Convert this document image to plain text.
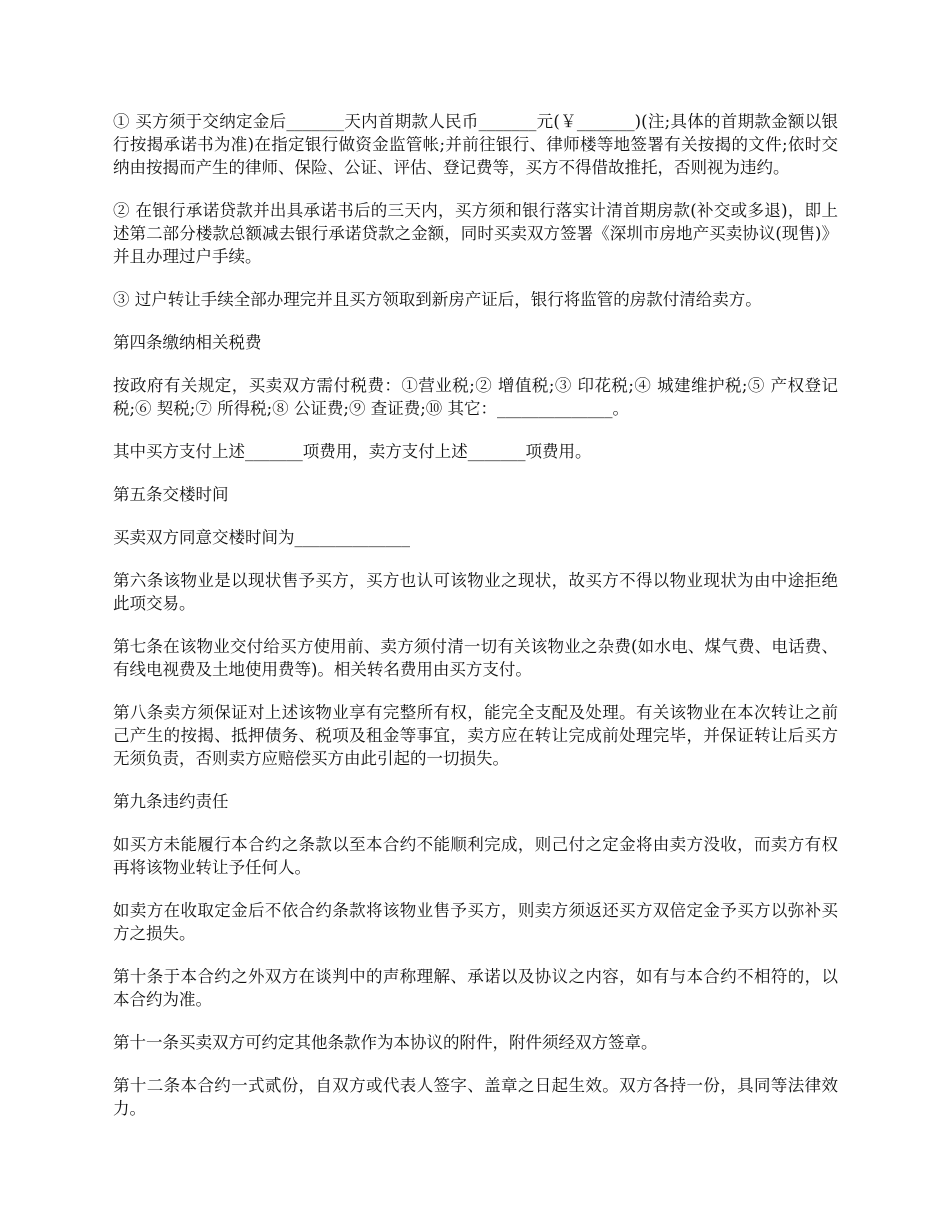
① 买方须于交纳定金后_______天内首期款人民币_______元(￥_______)(注;具体的首期款金额以银行按揭承诺书为准)在指定银行做资金监管帐;并前往银行、律师楼等地签署有关按揭的文件;依时交纳由按揭而产生的律师、保险、公证、评估、登记费等，买方不得借故推托，否则视为违约。

② 在银行承诺贷款并出具承诺书后的三天内，买方须和银行落实计清首期房款(补交或多退)，即上述第二部分楼款总额减去银行承诺贷款之金额，同时买卖双方签署《深圳市房地产买卖协议(现售)》并且办理过户手续。

③ 过户转让手续全部办理完并且买方领取到新房产证后，银行将监管的房款付清给卖方。

第四条缴纳相关税费

按政府有关规定，买卖双方需付税费：①营业税;② 增值税;③ 印花税;④ 城建维护税;⑤ 产权登记税;⑥ 契税;⑦ 所得税;⑧ 公证费;⑨ 查证费;⑩ 其它：______________。

其中买方支付上述_______项费用，卖方支付上述_______项费用。

第五条交楼时间

买卖双方同意交楼时间为______________

第六条该物业是以现状售予买方，买方也认可该物业之现状，故买方不得以物业现状为由中途拒绝此项交易。

第七条在该物业交付给买方使用前、卖方须付清一切有关该物业之杂费(如水电、煤气费、电话费、有线电视费及土地使用费等)。相关转名费用由买方支付。

第八条卖方须保证对上述该物业享有完整所有权，能完全支配及处理。有关该物业在本次转让之前己产生的按揭、抵押债务、税项及租金等事宜，卖方应在转让完成前处理完毕，并保证转让后买方无须负责，否则卖方应赔偿买方由此引起的一切损失。

第九条违约责任

如买方未能履行本合约之条款以至本合约不能顺利完成，则己付之定金将由卖方没收，而卖方有权再将该物业转让予任何人。

如卖方在收取定金后不依合约条款将该物业售予买方，则卖方须返还买方双倍定金予买方以弥补买方之损失。

第十条于本合约之外双方在谈判中的声称理解、承诺以及协议之内容，如有与本合约不相符的，以本合约为准。

第十一条买卖双方可约定其他条款作为本协议的附件，附件须经双方签章。

第十二条本合约一式贰份，自双方或代表人签字、盖章之日起生效。双方各持一份，具同等法律效力。
